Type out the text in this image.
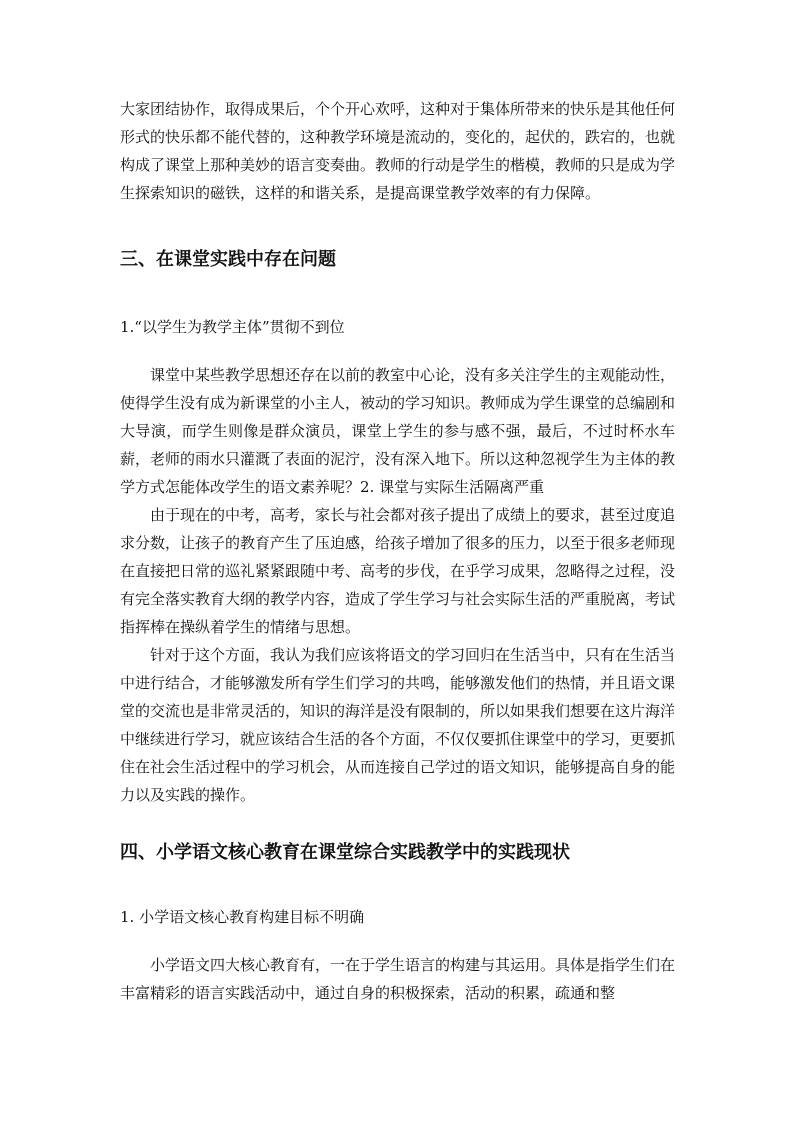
大家团结协作，取得成果后，个个开心欢呼，这种对于集体所带来的快乐是其他任何形式的快乐都不能代替的，这种教学环境是流动的，变化的，起伏的，跌宕的，也就构成了课堂上那种美妙的语言变奏曲。教师的行动是学生的楷模，教师的只是成为学生探索知识的磁铁，这样的和谐关系，是提高课堂教学效率的有力保障。

三、在课堂实践中存在问题
1.“以学生为教学主体”贯彻不到位

课堂中某些教学思想还存在以前的教室中心论，没有多关注学生的主观能动性，使得学生没有成为新课堂的小主人，被动的学习知识。教师成为学生课堂的总编剧和大导演，而学生则像是群众演员，课堂上学生的参与感不强，最后，不过时杯水车薪，老师的雨水只灌溉了表面的泥泞，没有深入地下。所以这种忽视学生为主体的教学方式怎能体改学生的语文素养呢？2. 课堂与实际生活隔离严重

由于现在的中考，高考，家长与社会都对孩子提出了成绩上的要求，甚至过度追求分数，让孩子的教育产生了压迫感，给孩子增加了很多的压力，以至于很多老师现在直接把日常的巡礼紧紧跟随中考、高考的步伐，在乎学习成果，忽略得之过程，没有完全落实教育大纲的教学内容，造成了学生学习与社会实际生活的严重脱离，考试指挥棒在操纵着学生的情绪与思想。

针对于这个方面，我认为我们应该将语文的学习回归在生活当中，只有在生活当中进行结合，才能够激发所有学生们学习的共鸣，能够激发他们的热情，并且语文课堂的交流也是非常灵活的，知识的海洋是没有限制的，所以如果我们想要在这片海洋中继续进行学习，就应该结合生活的各个方面，不仅仅要抓住课堂中的学习，更要抓住在社会生活过程中的学习机会，从而连接自己学过的语文知识，能够提高自身的能力以及实践的操作。

四、小学语文核心教育在课堂综合实践教学中的实践现状
1. 小学语文核心教育构建目标不明确

小学语文四大核心教育有，一在于学生语言的构建与其运用。具体是指学生们在丰富精彩的语言实践活动中，通过自身的积极探索，活动的积累，疏通和整
